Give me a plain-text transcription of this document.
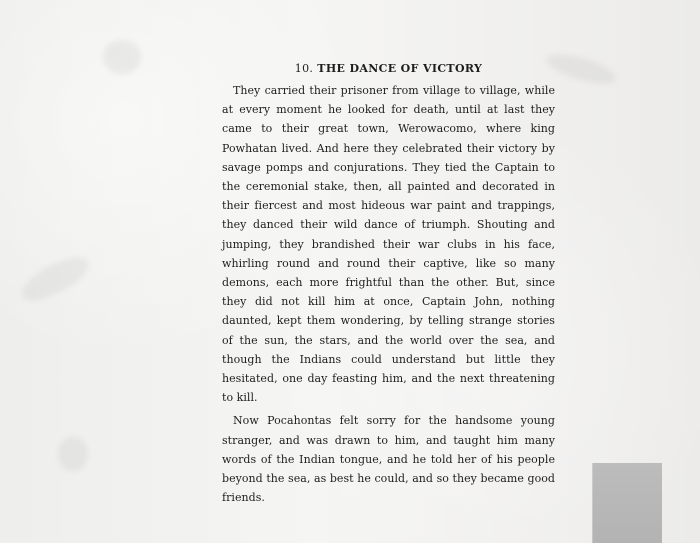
10. THE DANCE OF VICTORY

They carried their prisoner from village to village, while at every moment he looked for death, until at last they came to their great town, Werowacomo, where king Powhatan lived. And here they celebrated their victory by savage pomps and conjurations. They tied the Captain to the ceremonial stake, then, all painted and decorated in their fiercest and most hideous war paint and trappings, they danced their wild dance of triumph. Shouting and jumping, they brandished their war clubs in his face, whirling round and round their captive, like so many demons, each more frightful than the other. But, since they did not kill him at once, Captain John, nothing daunted, kept them wondering, by telling strange stories of the sun, the stars, and the world over the sea, and though the Indians could understand but little they hesitated, one day feasting him, and the next threatening to kill.

Now Pocahontas felt sorry for the handsome young stranger, and was drawn to him, and taught him many words of the Indian tongue, and he told her of his people beyond the sea, as best he could, and so they became good friends.
